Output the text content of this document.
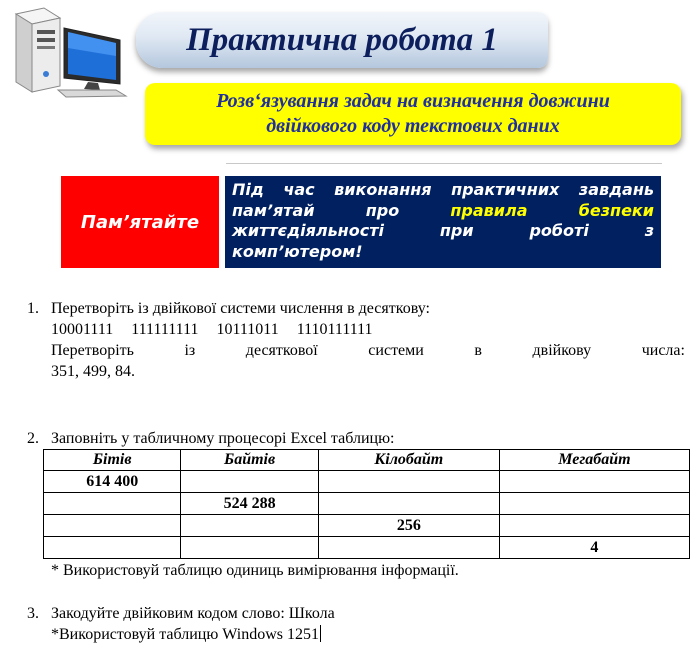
Практична робота 1
Розв‘язування задач на визначення довжини
двійкового коду текстових даних
Пам’ятайте
Під час виконання практичних завдань
пам’ятай	про	правила	безпеки
життєдіяльності	при	роботі	з
комп’ютером!
1. Перетворіть із двійкової системи числення в десяткову:
10001111 111111111 10111011 1110111111
Перетворіть	із	десяткової	системи	в	двійкову	числа:
351, 499, 84.
2. Заповніть у табличному процесорі Excel таблицю:
Бітів	Байтів	Кілобайт	Мегабайт
614 400			
	524 288		
		256	
			4
* Використовуй таблицю одиниць вимірювання інформації.
3. Закодуйте двійковим кодом слово: Школа
*Використовуй таблицю Windows 1251
